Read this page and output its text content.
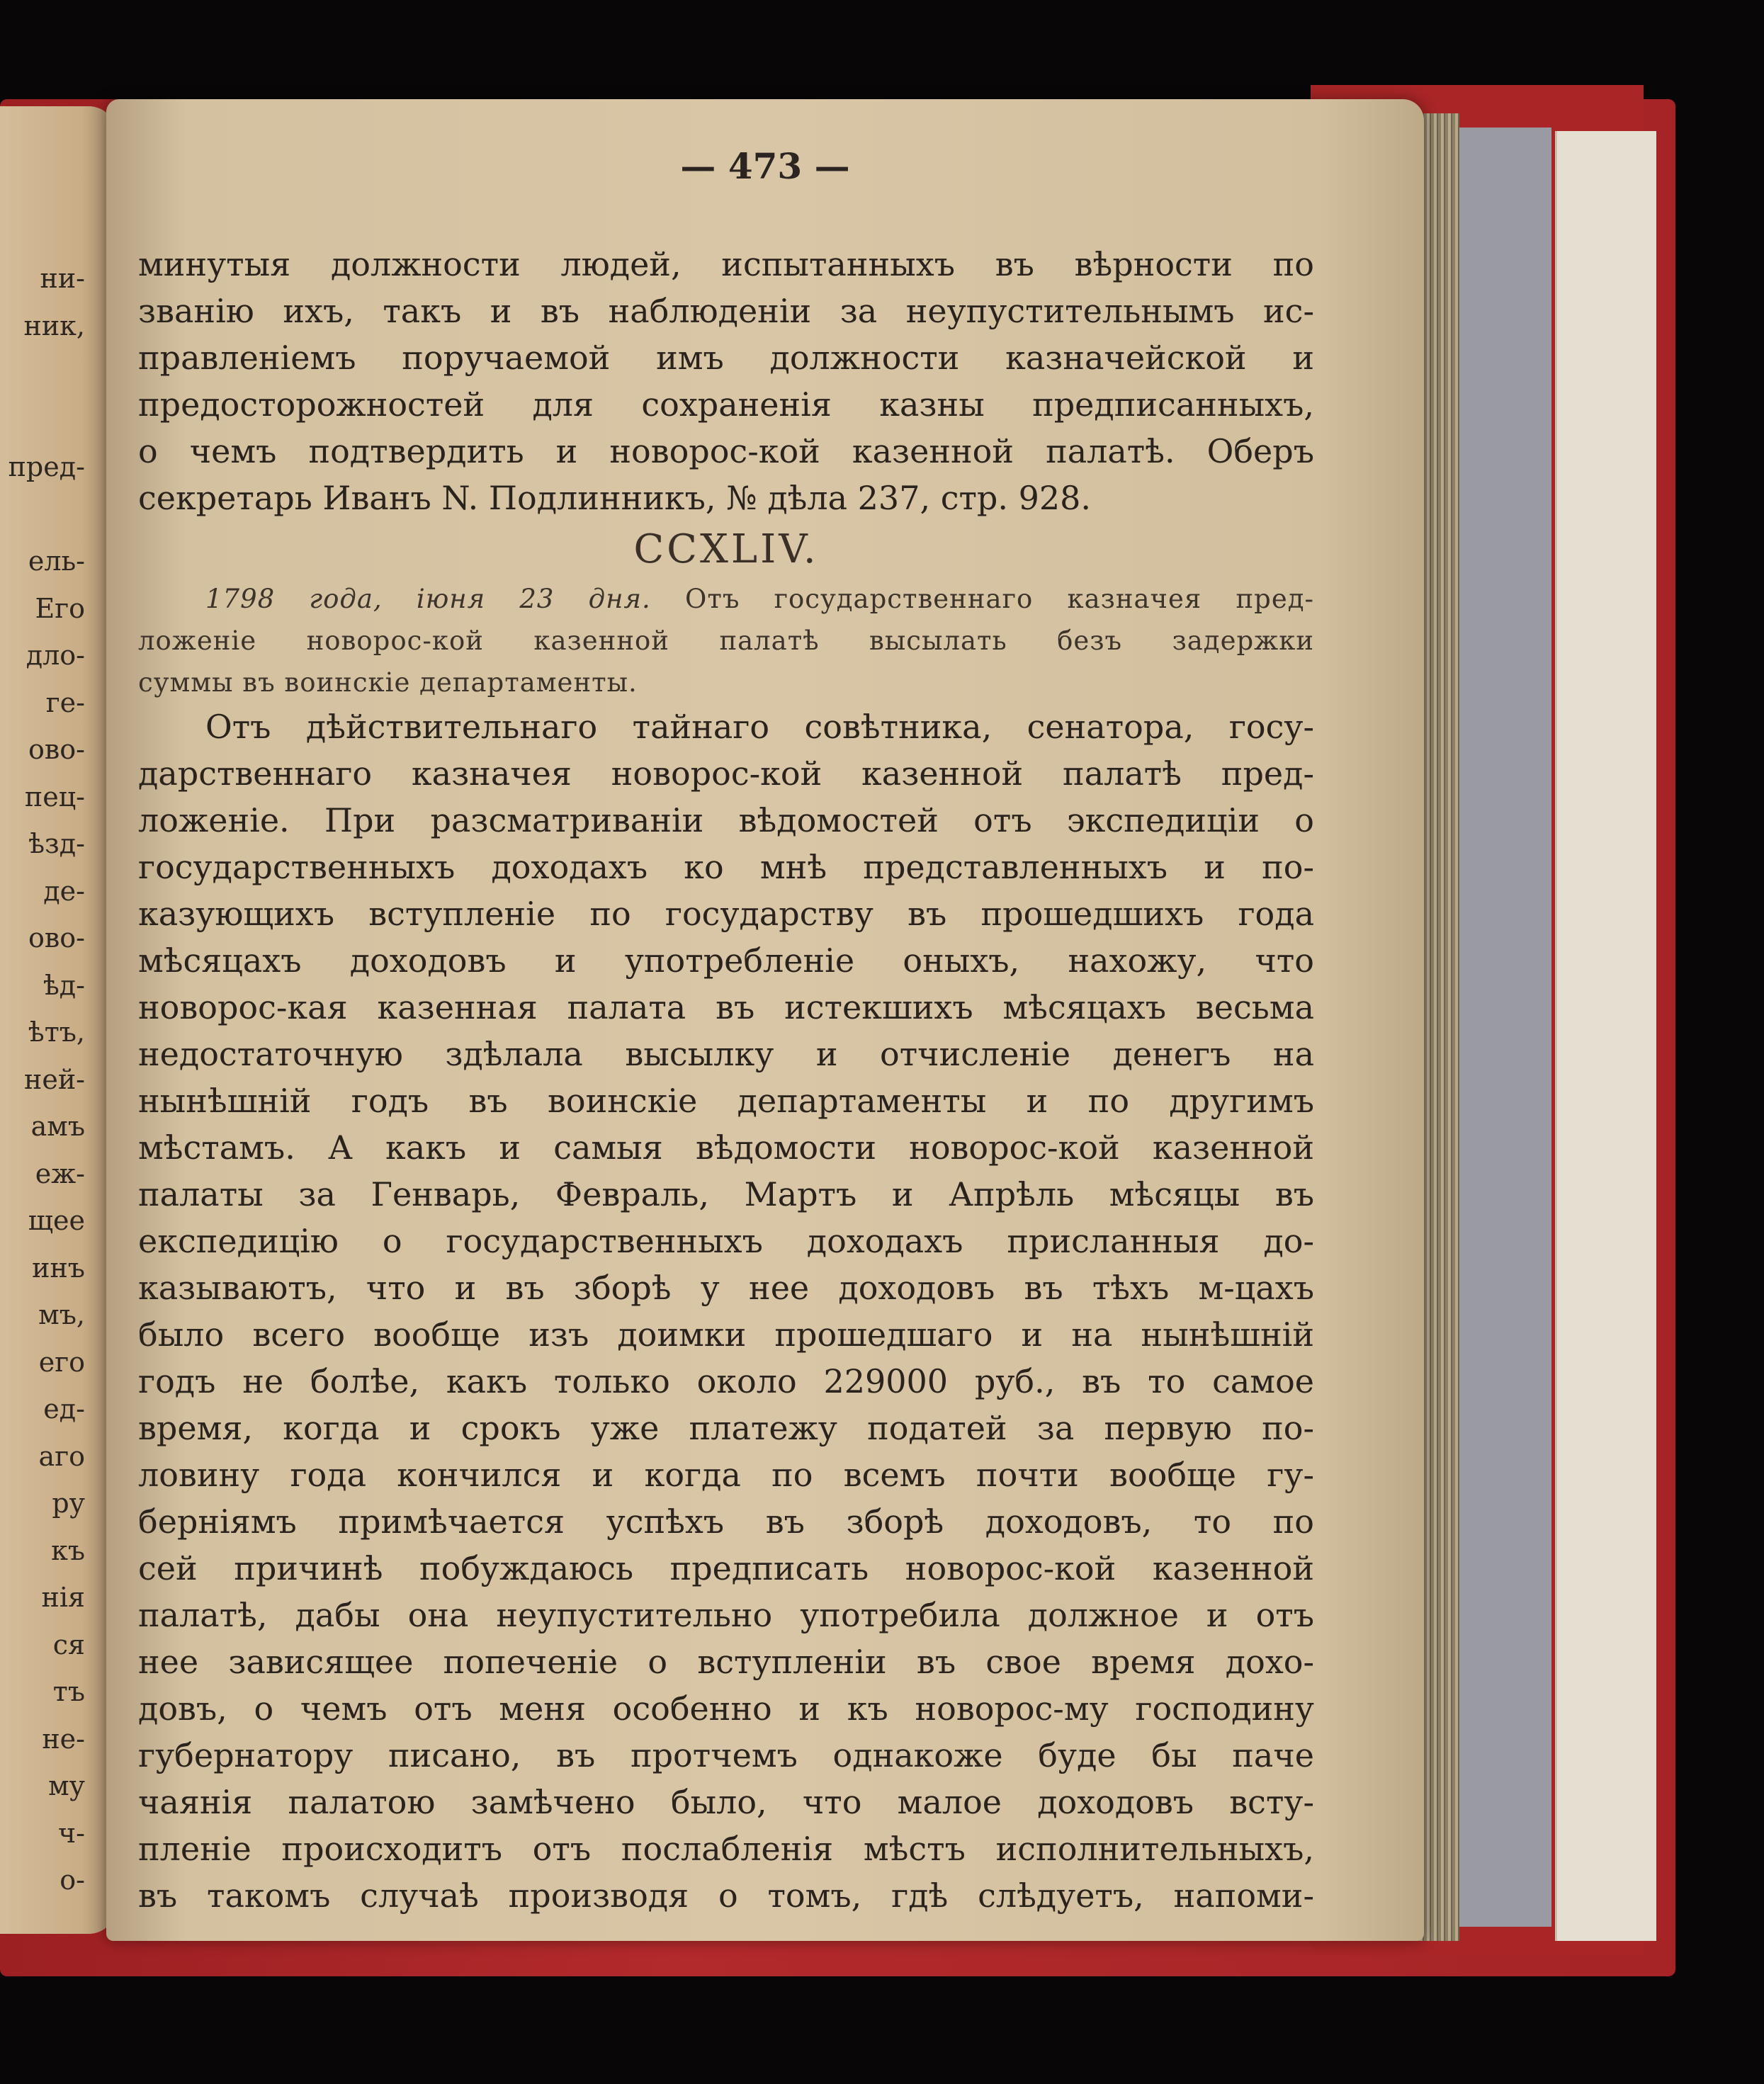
ни-
ник,

пред-

ель-
Его
дло-
ге-
ово-
пец-
ѣзд-
де-
ово-
ѣд-
ѣтъ,
ней-
амъ
еж-
щее
инъ
мъ,
его
ед-
аго
ру
къ
нія
ся
тъ
не-
му
ч-
о-
— 473 —
минутыя должности людей, испытанныхъ въ вѣрности по
званію ихъ, такъ и въ наблюденіи за неупустительнымъ ис-
правленіемъ поручаемой имъ должности казначейской и
предосторожностей для сохраненія казны предписанныхъ,
о чемъ подтвердить и новорос-кой казенной палатѣ. Оберъ
секретарь Иванъ N. Подлинникъ, № дѣла 237, стр. 928.
CCXLIV.
1798 года, іюня 23 дня. Отъ государственнаго казначея пред-
ложеніе новорос-кой казенной палатѣ высылать безъ задержки
суммы въ воинскіе департаменты.
Отъ дѣйствительнаго тайнаго совѣтника, сенатора, госу-
дарственнаго казначея новорос-кой казенной палатѣ пред-
ложеніе. При разсматриваніи вѣдомостей отъ экспедиціи о
государственныхъ доходахъ ко мнѣ представленныхъ и по-
казующихъ вступленіе по государству въ прошедшихъ года
мѣсяцахъ доходовъ и употребленіе оныхъ, нахожу, что
новорос-кая казенная палата въ истекшихъ мѣсяцахъ весьма
недостаточную здѣлала высылку и отчисленіе денегъ на
нынѣшній годъ въ воинскіе департаменты и по другимъ
мѣстамъ. А какъ и самыя вѣдомости новорос-кой казенной
палаты за Генварь, Февраль, Мартъ и Апрѣль мѣсяцы въ
експедицію о государственныхъ доходахъ присланныя до-
казываютъ, что и въ зборѣ у нее доходовъ въ тѣхъ м-цахъ
было всего вообще изъ доимки прошедшаго и на нынѣшній
годъ не болѣе, какъ только около 229000 руб., въ то самое
время, когда и срокъ уже платежу податей за первую по-
ловину года кончился и когда по всемъ почти вообще гу-
берніямъ примѣчается успѣхъ въ зборѣ доходовъ, то по
сей причинѣ побуждаюсь предписать новорос-кой казенной
палатѣ, дабы она неупустительно употребила должное и отъ
нее зависящее попеченіе о вступленіи въ свое время дохо-
довъ, о чемъ отъ меня особенно и къ новорос-му господину
губернатору писано, въ протчемъ однакоже буде бы паче
чаянія палатою замѣчено было, что малое доходовъ всту-
пленіе происходитъ отъ послабленія мѣстъ исполнительныхъ,
въ такомъ случаѣ производя о томъ, гдѣ слѣдуетъ, напоми-
